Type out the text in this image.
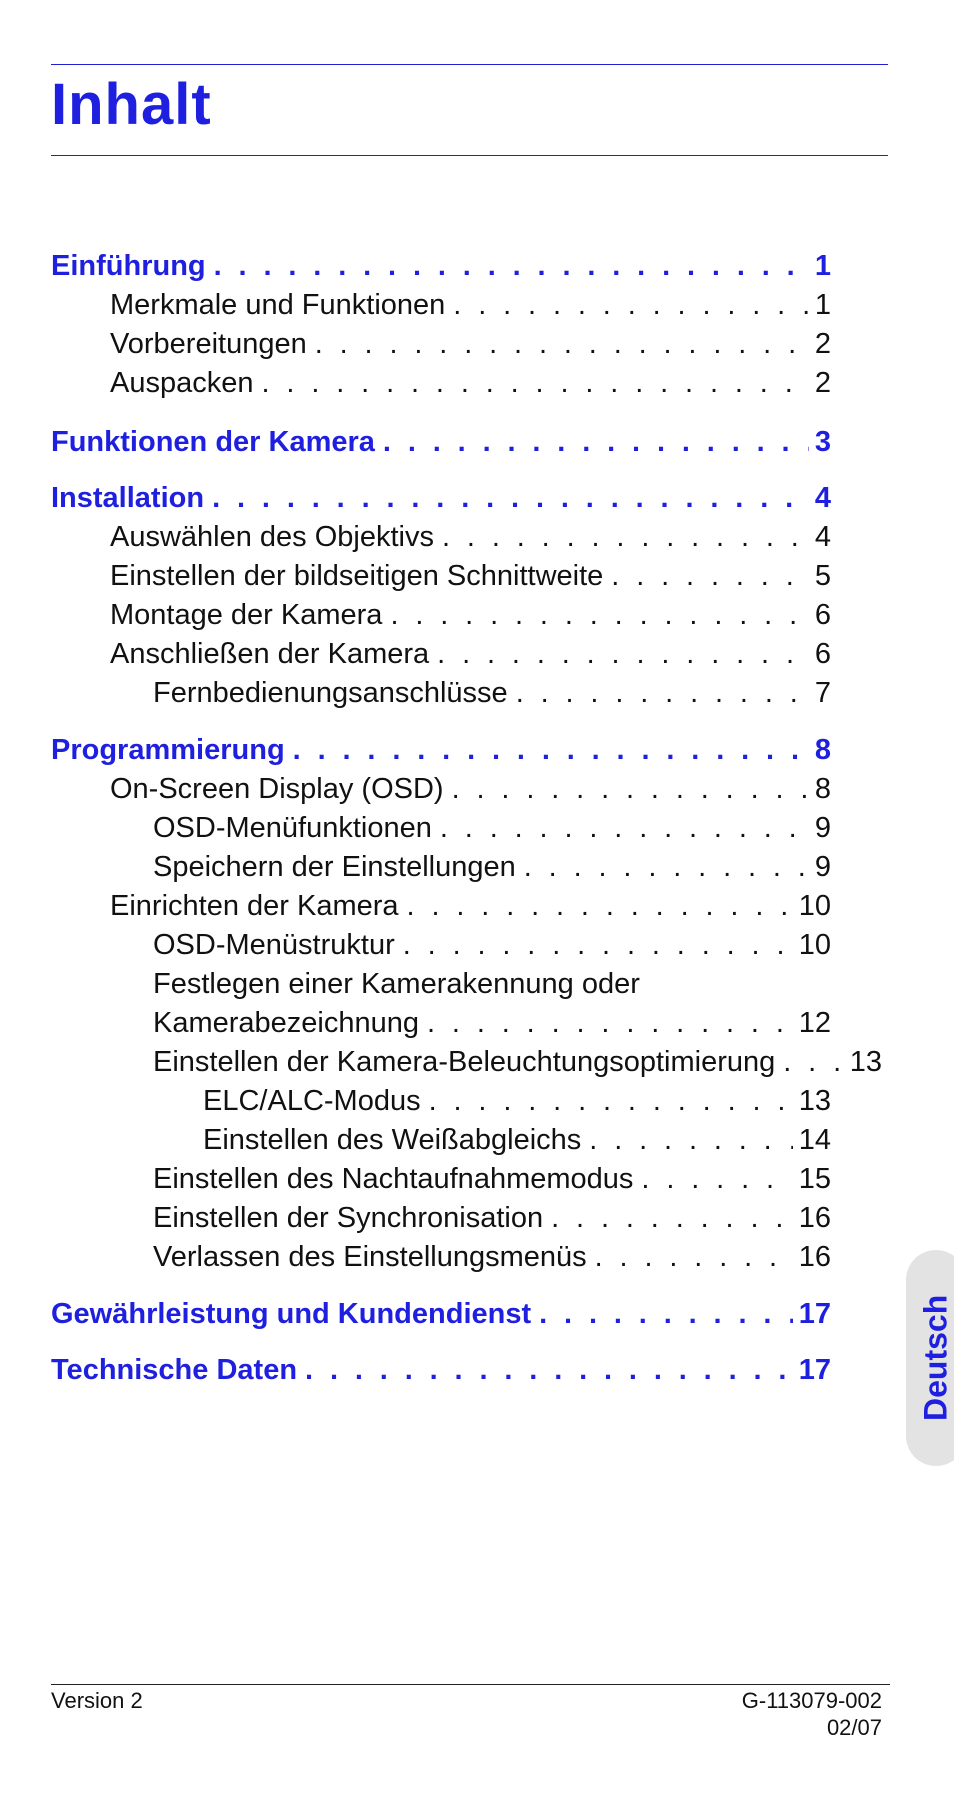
Inhalt
Einführung . . .	1
Merkmale und Funktionen . . .	1
Vorbereitungen . . .	2
Auspacken . . .	2
Funktionen der Kamera . . .	3
Installation . . .	4
Auswählen des Objektivs . . .	4
Einstellen der bildseitigen Schnittweite . . .	5
Montage der Kamera . . .	6
Anschließen der Kamera . . .	6
Fernbedienungsanschlüsse . . .	7
Programmierung . . .	8
On-Screen Display (OSD) . . .	8
OSD-Menüfunktionen . . .	9
Speichern der Einstellungen . . .	9
Einrichten der Kamera . . .	10
OSD-Menüstruktur . . .	10
Festlegen einer Kamerakennung oder
Kamerabezeichnung . . .	12
Einstellen der Kamera-Beleuchtungsoptimierung . . .	13
ELC/ALC-Modus . . .	13
Einstellen des Weißabgleichs . . .	14
Einstellen des Nachtaufnahmemodus . . .	15
Einstellen der Synchronisation . . .	16
Verlassen des Einstellungsmenüs . . .	16
Gewährleistung und Kundendienst . . .	17
Technische Daten . . .	17	Deutsch
Version 2	G-113079-002
02/07
